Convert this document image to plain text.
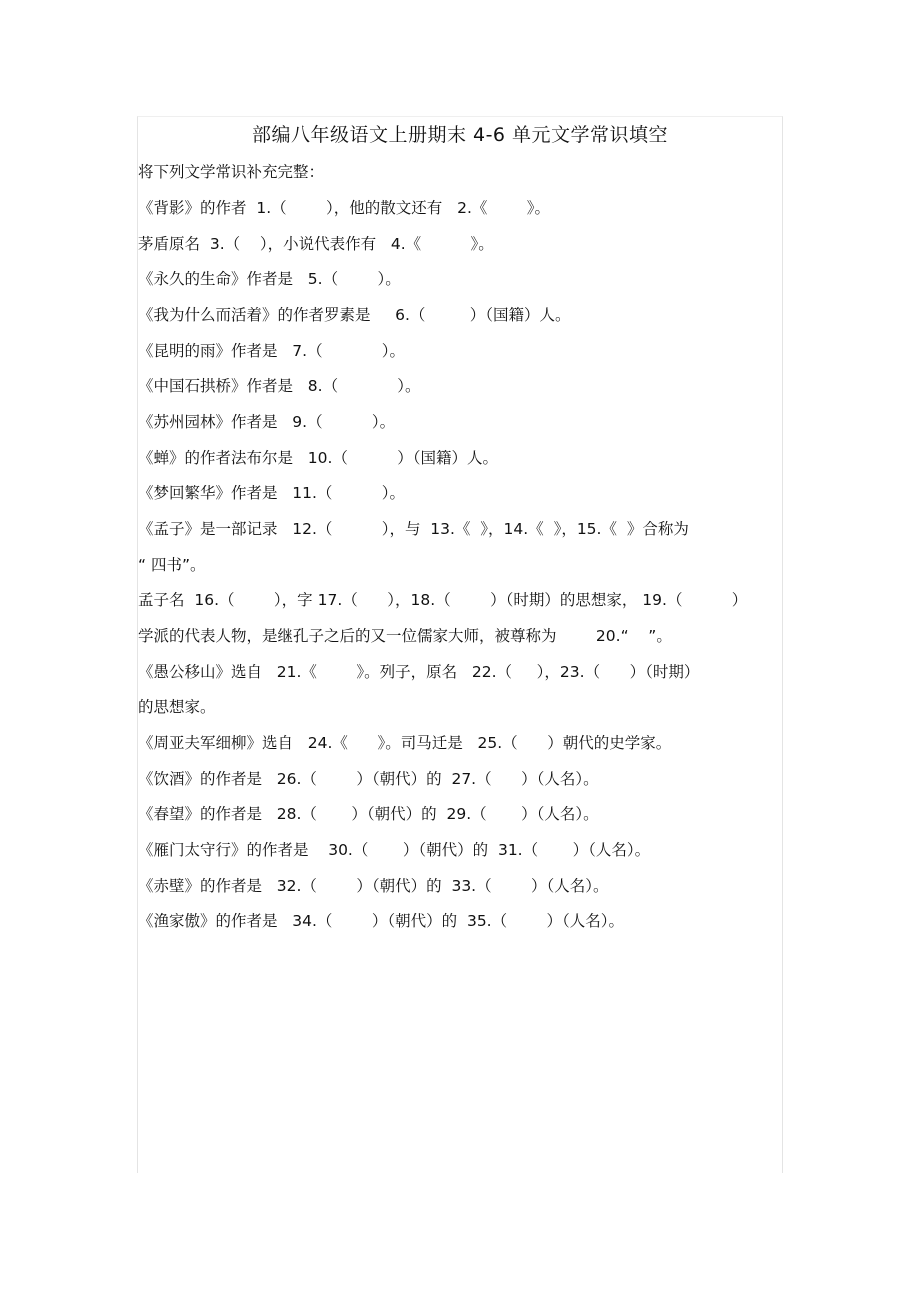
部编八年级语文上册期末 4-6 单元文学常识填空
将下列文学常识补充完整：
《背影》的作者  1.（        ），他的散文还有   2.《        》。
茅盾原名  3.（    ），小说代表作有   4.《          》。
《永久的生命》作者是   5.（        ）。
《我为什么而活着》的作者罗素是     6.（         ）（国籍）人。
《昆明的雨》作者是   7.（            ）。
《中国石拱桥》作者是   8.（            ）。
《苏州园林》作者是   9.（          ）。
《蝉》的作者法布尔是   10.（          ）（国籍）人。
《梦回繁华》作者是   11.（          ）。
《孟子》是一部记录   12.（          ），与  13.《  》，14.《  》，15.《  》合称为
“ 四书”。
孟子名  16.（        ），字 17.（      ），18.（        ）（时期）的思想家， 19.（          ）
学派的代表人物，是继孔子之后的又一位儒家大师，被尊称为        20.“    ”。
《愚公移山》选自   21.《        》。列子，原名   22.（     ），23.（      ）（时期）
的思想家。
《周亚夫军细柳》选自   24.《      》。司马迁是   25.（      ）朝代的史学家。
《饮酒》的作者是   26.（        ）（朝代）的  27.（      ）（人名）。
《春望》的作者是   28.（       ）（朝代）的  29.（       ）（人名）。
《雁门太守行》的作者是    30.（       ）（朝代）的  31.（       ）（人名）。
《赤壁》的作者是   32.（        ）（朝代）的  33.（        ）（人名）。
《渔家傲》的作者是   34.（        ）（朝代）的  35.（        ）（人名）。
